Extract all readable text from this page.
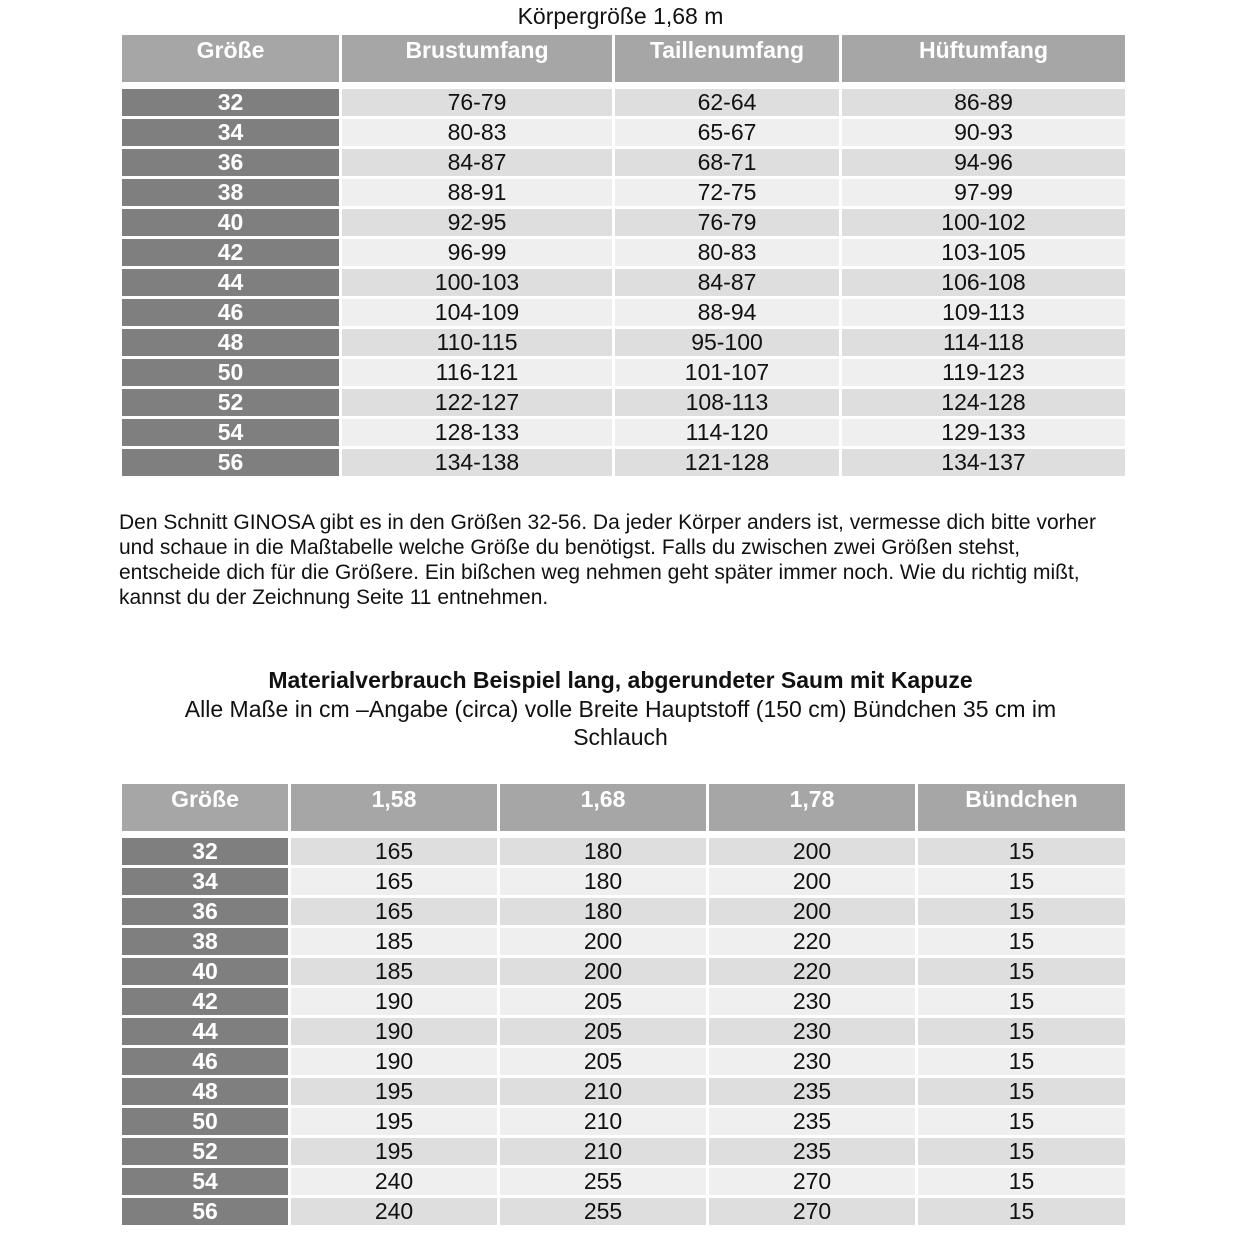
Körpergröße 1,68 m
Größe	Brustumfang	Taillenumfang	Hüftumfang
32	76-79	62-64	86-89
34	80-83	65-67	90-93
36	84-87	68-71	94-96
38	88-91	72-75	97-99
40	92-95	76-79	100-102
42	96-99	80-83	103-105
44	100-103	84-87	106-108
46	104-109	88-94	109-113
48	110-115	95-100	114-118
50	116-121	101-107	119-123
52	122-127	108-113	124-128
54	128-133	114-120	129-133
56	134-138	121-128	134-137

Den Schnitt GINOSA gibt es in den Größen 32-56. Da jeder Körper anders ist, vermesse dich bitte vorher und schaue in die Maßtabelle welche Größe du benötigst. Falls du zwischen zwei Größen stehst, entscheide dich für die Größere. Ein bißchen weg nehmen geht später immer noch. Wie du richtig mißt, kannst du der Zeichnung Seite 11 entnehmen.

Materialverbrauch Beispiel lang, abgerundeter Saum mit Kapuze

Alle Maße in cm –Angabe (circa) volle Breite Hauptstoff (150 cm) Bündchen 35 cm im Schlauch

Größe	1,58	1,68	1,78	Bündchen
32	165	180	200	15
34	165	180	200	15
36	165	180	200	15
38	185	200	220	15
40	185	200	220	15
42	190	205	230	15
44	190	205	230	15
46	190	205	230	15
48	195	210	235	15
50	195	210	235	15
52	195	210	235	15
54	240	255	270	15
56	240	255	270	15
